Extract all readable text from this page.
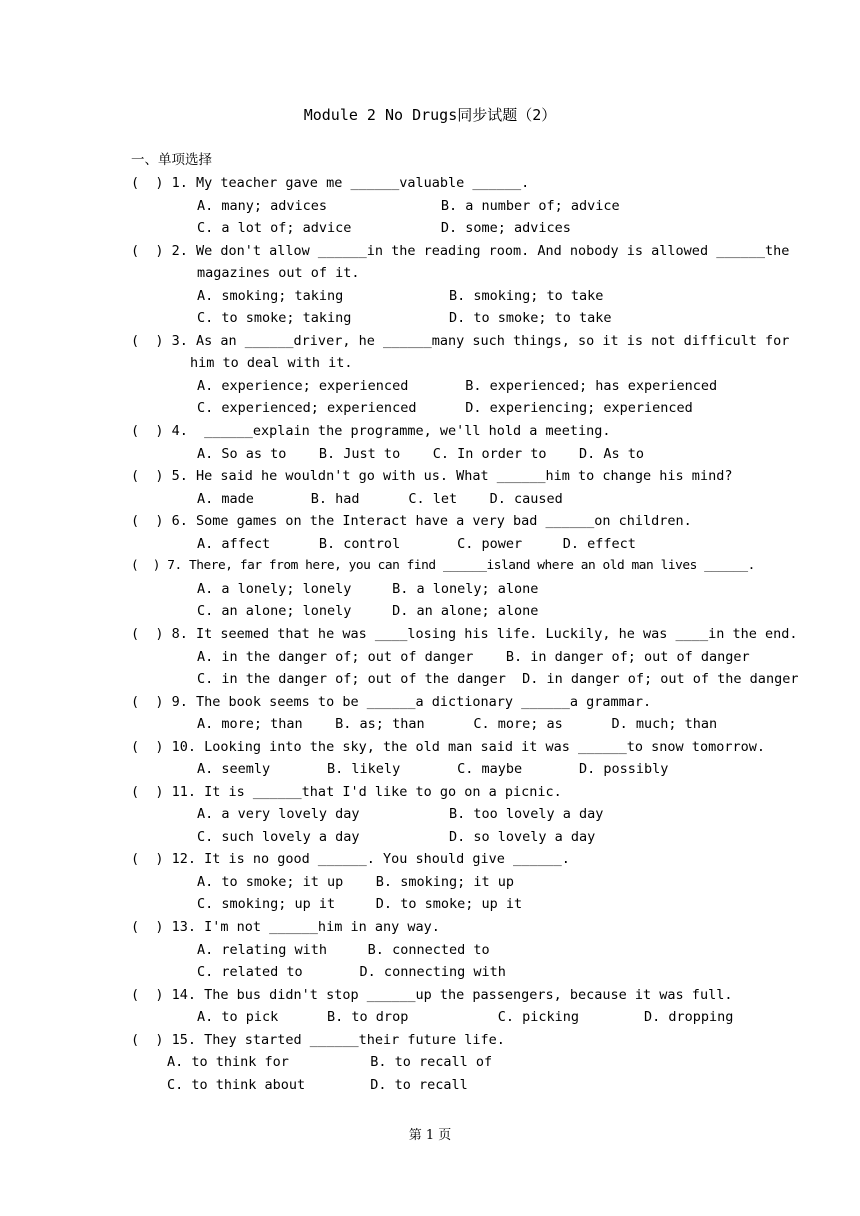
Module 2 No Drugs同步试题（2）
一、单项选择
(  ) 1. My teacher gave me ______valuable ______.
A. many; advices              B. a number of; advice
C. a lot of; advice           D. some; advices
(  ) 2. We don't allow ______in the reading room. And nobody is allowed ______the
magazines out of it.
A. smoking; taking             B. smoking; to take
C. to smoke; taking            D. to smoke; to take
(  ) 3. As an ______driver, he ______many such things, so it is not difficult for
him to deal with it.
A. experience; experienced       B. experienced; has experienced
C. experienced; experienced      D. experiencing; experienced
(  ) 4.  ______explain the programme, we'll hold a meeting.
A. So as to    B. Just to    C. In order to    D. As to
(  ) 5. He said he wouldn't go with us. What ______him to change his mind?
A. made       B. had      C. let    D. caused
(  ) 6. Some games on the Interact have a very bad ______on children.
A. affect      B. control       C. power     D. effect
(  ) 7. There, far from here, you can find ______island where an old man lives ______.
A. a lonely; lonely     B. a lonely; alone
C. an alone; lonely     D. an alone; alone
(  ) 8. It seemed that he was ____losing his life. Luckily, he was ____in the end.
A. in the danger of; out of danger    B. in danger of; out of danger
C. in the danger of; out of the danger  D. in danger of; out of the danger
(  ) 9. The book seems to be ______a dictionary ______a grammar.
A. more; than    B. as; than      C. more; as      D. much; than
(  ) 10. Looking into the sky, the old man said it was ______to snow tomorrow.
A. seemly       B. likely       C. maybe       D. possibly
(  ) 11. It is ______that I'd like to go on a picnic.
A. a very lovely day           B. too lovely a day
C. such lovely a day           D. so lovely a day
(  ) 12. It is no good ______. You should give ______.
A. to smoke; it up    B. smoking; it up
C. smoking; up it     D. to smoke; up it
(  ) 13. I'm not ______him in any way.
A. relating with     B. connected to
C. related to       D. connecting with
(  ) 14. The bus didn't stop ______up the passengers, because it was full.
A. to pick      B. to drop           C. picking        D. dropping
(  ) 15. They started ______their future life.
A. to think for          B. to recall of
C. to think about        D. to recall
第 1 页
